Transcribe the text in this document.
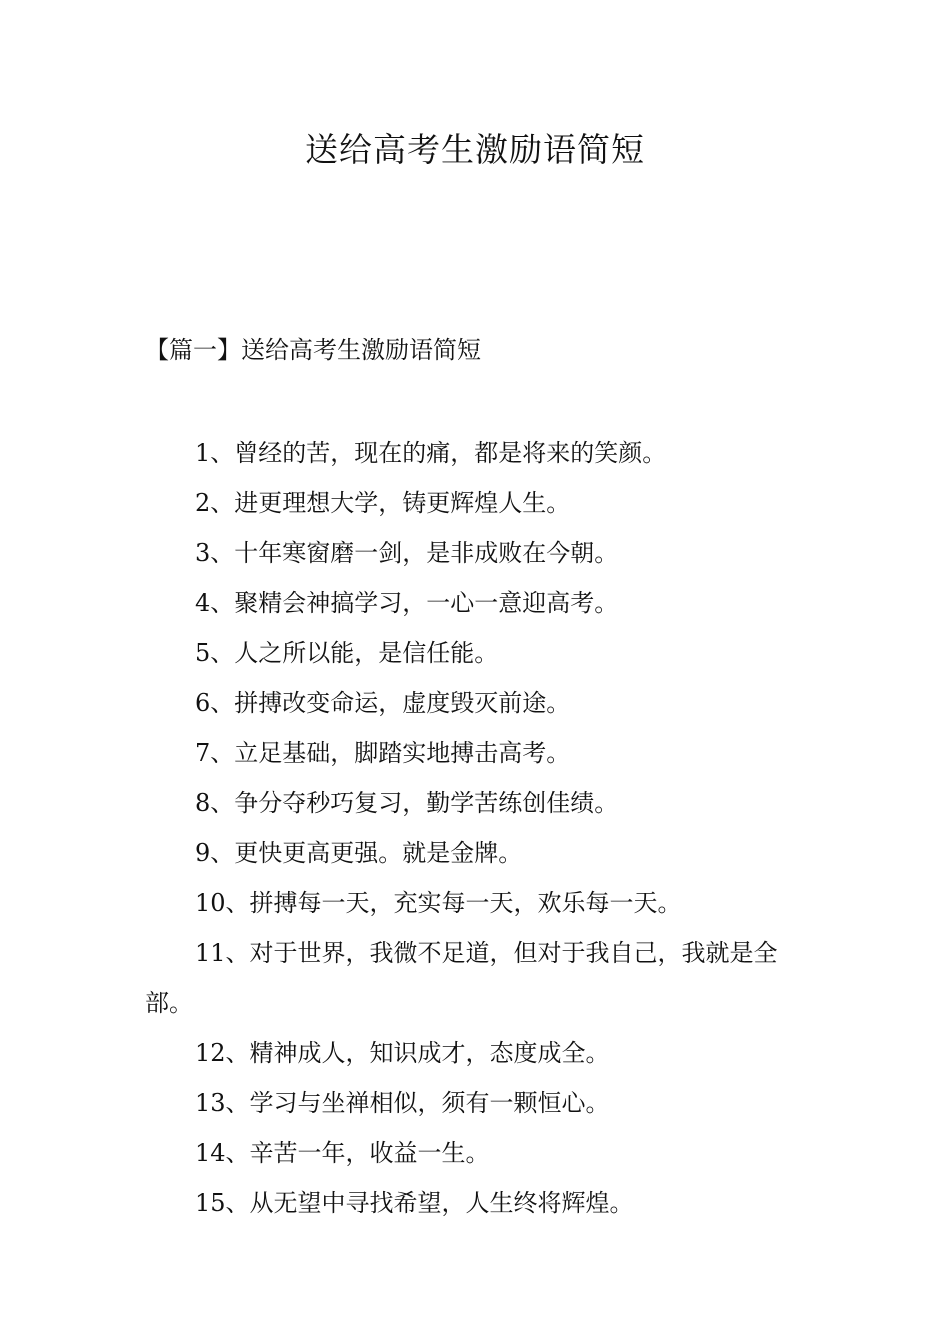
送给高考生激励语简短
【篇一】送给高考生激励语简短
1、曾经的苦，现在的痛，都是将来的笑颜。
2、进更理想大学，铸更辉煌人生。
3、十年寒窗磨一剑，是非成败在今朝。
4、聚精会神搞学习，一心一意迎高考。
5、人之所以能，是信任能。
6、拼搏改变命运，虚度毁灭前途。
7、立足基础，脚踏实地搏击高考。
8、争分夺秒巧复习，勤学苦练创佳绩。
9、更快更高更强。就是金牌。
10、拼搏每一天，充实每一天，欢乐每一天。
11、对于世界，我微不足道，但对于我自己，我就是全部。
12、精神成人，知识成才，态度成全。
13、学习与坐禅相似，须有一颗恒心。
14、辛苦一年，收益一生。
15、从无望中寻找希望，人生终将辉煌。
